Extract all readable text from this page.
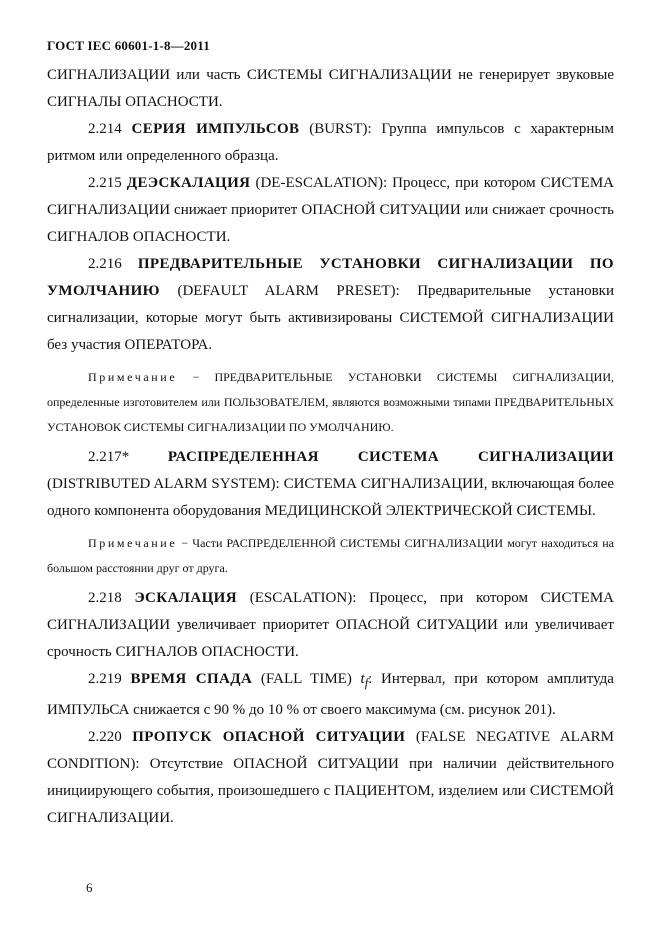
ГОСТ IEC 60601-1-8—2011

СИГНАЛИЗАЦИИ или часть СИСТЕМЫ СИГНАЛИЗАЦИИ не генерирует звуковые СИГНАЛЫ ОПАСНОСТИ.

2.214 СЕРИЯ ИМПУЛЬСОВ (BURST): Группа импульсов с характерным ритмом или определенного образца.

2.215 ДЕЭСКАЛАЦИЯ (DE-ESCALATION): Процесс, при котором СИСТЕМА СИГНАЛИЗАЦИИ снижает приоритет ОПАСНОЙ СИТУАЦИИ или снижает срочность СИГНАЛОВ ОПАСНОСТИ.

2.216 ПРЕДВАРИТЕЛЬНЫЕ УСТАНОВКИ СИГНАЛИЗАЦИИ ПО УМОЛЧАНИЮ (DEFAULT ALARM PRESET): Предварительные установки сигнализации, которые могут быть активизированы СИСТЕМОЙ СИГНАЛИЗАЦИИ без участия ОПЕРАТОРА.

Примечание − ПРЕДВАРИТЕЛЬНЫЕ УСТАНОВКИ СИСТЕМЫ СИГНАЛИЗАЦИИ, определенные изготовителем или ПОЛЬЗОВАТЕЛЕМ, являются возможными типами ПРЕДВАРИТЕЛЬНЫХ УСТАНОВОК СИСТЕМЫ СИГНАЛИЗАЦИИ ПО УМОЛЧАНИЮ.

2.217*	РАСПРЕДЕЛЕННАЯ СИСТЕМА СИГНАЛИЗАЦИИ (DISTRIBUTED ALARM SYSTEM): СИСТЕМА СИГНАЛИЗАЦИИ, включающая более одного компонента оборудования МЕДИЦИНСКОЙ ЭЛЕКТРИЧЕСКОЙ СИСТЕМЫ.

Примечание − Части РАСПРЕДЕЛЕННОЙ СИСТЕМЫ СИГНАЛИЗАЦИИ могут находиться на большом расстоянии друг от друга.

2.218 ЭСКАЛАЦИЯ (ESCALATION): Процесс, при котором СИСТЕМА СИГНАЛИЗАЦИИ увеличивает приоритет ОПАСНОЙ СИТУАЦИИ или увеличивает срочность СИГНАЛОВ ОПАСНОСТИ.

2.219 ВРЕМЯ СПАДА (FALL TIME) $t_f$: Интервал, при котором амплитуда ИМПУЛЬСА снижается с 90 % до 10 % от своего максимума (см. рисунок 201).

2.220 ПРОПУСК ОПАСНОЙ СИТУАЦИИ (FALSE NEGATIVE ALARM CONDITION): Отсутствие ОПАСНОЙ СИТУАЦИИ при наличии действительного инициирующего события, произошедшего с ПАЦИЕНТОМ, изделием или СИСТЕМОЙ СИГНАЛИЗАЦИИ.

6
